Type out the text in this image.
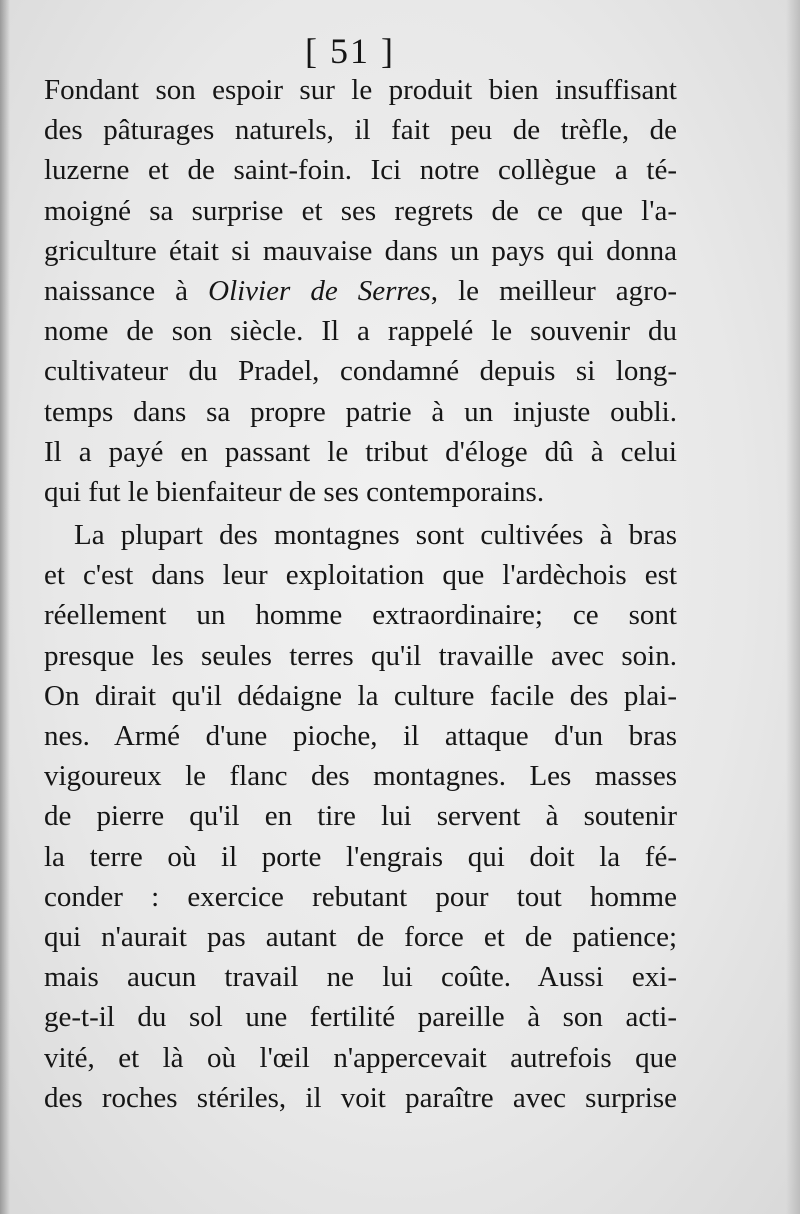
[ 51 ]
Fondant son espoir sur le produit bien insuffisant
des pâturages naturels, il fait peu de trèfle, de
luzerne et de saint-foin. Ici notre collègue a té-
moigné sa surprise et ses regrets de ce que l'a-
griculture était si mauvaise dans un pays qui donna
naissance à Olivier de Serres, le meilleur agro-
nome de son siècle. Il a rappelé le souvenir du
cultivateur du Pradel, condamné depuis si long-
temps dans sa propre patrie à un injuste oubli.
Il a payé en passant le tribut d'éloge dû à celui
qui fut le bienfaiteur de ses contemporains.
La plupart des montagnes sont cultivées à bras
et c'est dans leur exploitation que l'ardèchois est
réellement un homme extraordinaire; ce sont
presque les seules terres qu'il travaille avec soin.
On dirait qu'il dédaigne la culture facile des plai-
nes. Armé d'une pioche, il attaque d'un bras
vigoureux le flanc des montagnes. Les masses
de pierre qu'il en tire lui servent à soutenir
la terre où il porte l'engrais qui doit la fé-
conder : exercice rebutant pour tout homme
qui n'aurait pas autant de force et de patience;
mais aucun travail ne lui coûte. Aussi exi-
ge-t-il du sol une fertilité pareille à son acti-
vité, et là où l'œil n'appercevait autrefois que
des roches stériles, il voit paraître avec surprise
